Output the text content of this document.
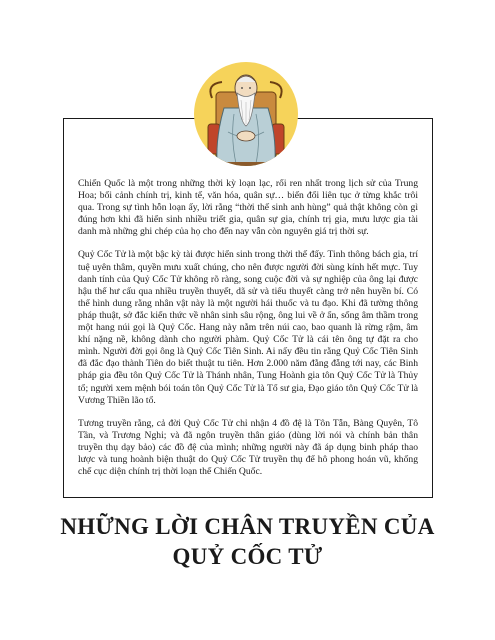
Chiến Quốc là một trong những thời kỳ loạn lạc, rối ren nhất trong lịch sử của Trung Hoa; bối cảnh chính trị, kinh tế, văn hóa, quân sự… biến đổi liên tục ở từng khắc trôi qua. Trong sự tình hỗn loạn ấy, lời rằng “thời thế sinh anh hùng” quả thật không còn gì đúng hơn khi đã hiển sinh nhiều triết gia, quân sự gia, chính trị gia, mưu lược gia tài danh mà những ghi chép của họ cho đến nay vẫn còn nguyên giá trị thời sự.

Quỷ Cốc Tử là một bậc kỳ tài được hiển sinh trong thời thế đấy. Tinh thông bách gia, trí tuệ uyên thâm, quyền mưu xuất chúng, cho nên được người đời sùng kính hết mực. Tuy danh tính của Quỷ Cốc Tử không rõ ràng, song cuộc đời và sự nghiệp của ông lại được hậu thế hư cấu qua nhiều truyền thuyết, dã sử và tiểu thuyết càng trở nên huyền bí. Có thể hình dung rằng nhân vật này là một người hái thuốc và tu đạo. Khi đã tường thông pháp thuật, sở đắc kiến thức về nhân sinh sâu rộng, ông lui về ở ẩn, sống âm thầm trong một hang núi gọi là Quỷ Cốc. Hang này nằm trên núi cao, bao quanh là rừng rậm, âm khí nặng nề, không dành cho người phàm. Quỷ Cốc Tử là cái tên ông tự đặt ra cho mình. Người đời gọi ông là Quỷ Cốc Tiên Sinh. Ai nấy đều tin rằng Quỷ Cốc Tiên Sinh đã đắc đạo thành Tiên do biết thuật tu tiên. Hơn 2.000 năm đằng đẵng tới nay, các Binh pháp gia đều tôn Quỷ Cốc Tử là Thánh nhân, Tung Hoành gia tôn Quỷ Cốc Tử là Thủy tổ; người xem mệnh bói toán tôn Quỷ Cốc Tử là Tổ sư gia, Đạo giáo tôn Quỷ Cốc Tử là Vương Thiền lão tổ.

Tương truyền rằng, cả đời Quỷ Cốc Tử chỉ nhận 4 đồ đệ là Tôn Tẫn, Bàng Quyên, Tô Tần, và Trương Nghi; và đã ngôn truyền thân giáo (dùng lời nói và chính bản thân truyền thụ dạy bảo) các đồ đệ của mình; những người này đã áp dụng binh pháp thao lược và tung hoành biện thuật do Quỷ Cốc Tử truyền thụ để hô phong hoán vũ, khống chế cục diện chính trị thời loạn thế Chiến Quốc.

NHỮNG LỜI CHÂN TRUYỀN CỦA
QUỶ CỐC TỬ
